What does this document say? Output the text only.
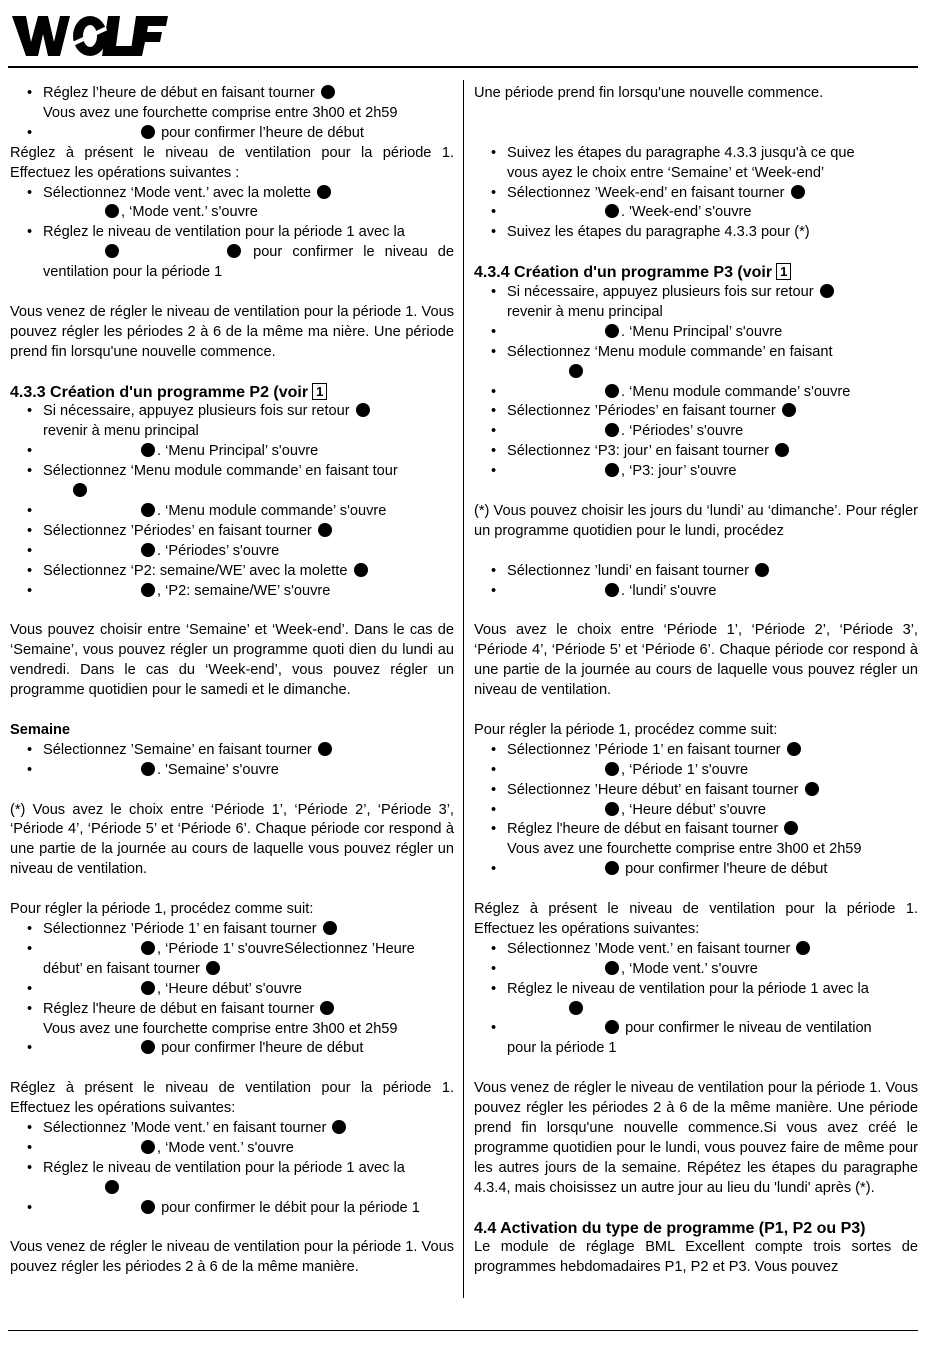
• Réglez l’heure de début en faisant tourner
Vous avez une fourchette comprise entre 3h00 et 2h59
• pour confirmer l’heure de début

Réglez à présent le niveau de ventilation pour la période 1. Effectuez les opérations suivantes :

• Sélectionnez ‘Mode vent.’ avec la molette
, ‘Mode vent.’ s'ouvre
• Réglez le niveau de ventilation pour la période 1 avec la
pour confirmer le niveau de ventilation pour la période 1

Vous venez de régler le niveau de ventilation pour la période 1. Vous pouvez régler les périodes 2 à 6 de la même ma nière. Une période prend fin lorsqu'une nouvelle commence.

4.3.3 Création d'un programme P2 (voir 1

• Si nécessaire, appuyez plusieurs fois sur retour
revenir à menu principal
• . ‘Menu Principal’ s'ouvre
• Sélectionnez ‘Menu module commande’ en faisant tour

• . ‘Menu module commande’ s'ouvre
• Sélectionnez ’Périodes’ en faisant tourner
• . ‘Périodes’ s'ouvre
• Sélectionnez ‘P2: semaine/WE’ avec la molette
• , ‘P2: semaine/WE’ s'ouvre

Vous pouvez choisir entre ‘Semaine’ et ‘Week-end’. Dans le cas de ‘Semaine’, vous pouvez régler un programme quoti dien du lundi au vendredi. Dans le cas du ‘Week-end’, vous pouvez régler un programme quotidien pour le samedi et le dimanche.

Semaine

• Sélectionnez ’Semaine’ en faisant tourner
• . 'Semaine’ s'ouvre

(*) Vous avez le choix entre ‘Période 1’, ‘Période 2’, ‘Période 3’, ‘Période 4’, ‘Période 5’ et ‘Période 6’. Chaque période cor respond à une partie de la journée au cours de laquelle vous pouvez régler un niveau de ventilation.

Pour régler la période 1, procédez comme suit:

• Sélectionnez ’Période 1’ en faisant tourner
• , ‘Période 1’ s'ouvreSélectionnez ’Heure
début’ en faisant tourner
• , ‘Heure début’ s'ouvre
• Réglez l'heure de début en faisant tourner
Vous avez une fourchette comprise entre 3h00 et 2h59
• pour confirmer l'heure de début

Réglez à présent le niveau de ventilation pour la période 1. Effectuez les opérations suivantes:

• Sélectionnez ’Mode vent.’ en faisant tourner
• , ‘Mode vent.’ s'ouvre
• Réglez le niveau de ventilation pour la période 1 avec la

• pour confirmer le débit pour la période 1

Vous venez de régler le niveau de ventilation pour la période 1. Vous pouvez régler les périodes 2 à 6 de la même manière.

Une période prend fin lorsqu'une nouvelle commence.

• Suivez les étapes du paragraphe 4.3.3 jusqu'à ce que
vous ayez le choix entre ‘Semaine’ et ‘Week-end’
• Sélectionnez ’Week-end’ en faisant tourner
• . 'Week-end’ s'ouvre
• Suivez les étapes du paragraphe 4.3.3 pour (*)

4.3.4 Création d'un programme P3 (voir 1

• Si nécessaire, appuyez plusieurs fois sur retour
revenir à menu principal
• . ‘Menu Principal’ s'ouvre
• Sélectionnez ‘Menu module commande’ en faisant

• . ‘Menu module commande’ s'ouvre
• Sélectionnez ’Périodes’ en faisant tourner
• . ‘Périodes’ s'ouvre
• Sélectionnez ‘P3: jour’ en faisant tourner
• , ‘P3: jour’ s'ouvre

(*) Vous pouvez choisir les jours du ‘lundi’ au ‘dimanche’. Pour régler un programme quotidien pour le lundi, procédez

• Sélectionnez ’lundi’ en faisant tourner
• . ‘lundi’ s'ouvre

Vous avez le choix entre ‘Période 1’, ‘Période 2’, ‘Période 3’, ‘Période 4’, ‘Période 5’ et ‘Période 6’. Chaque période cor respond à une partie de la journée au cours de laquelle vous pouvez régler un niveau de ventilation.

Pour régler la période 1, procédez comme suit:

• Sélectionnez ’Période 1’ en faisant tourner
• , ‘Période 1’ s'ouvre
• Sélectionnez ’Heure début’ en faisant tourner
• , ‘Heure début’ s'ouvre
• Réglez l'heure de début en faisant tourner
Vous avez une fourchette comprise entre 3h00 et 2h59
• pour confirmer l'heure de début

Réglez à présent le niveau de ventilation pour la période 1. Effectuez les opérations suivantes:

• Sélectionnez ’Mode vent.’ en faisant tourner
• , ‘Mode vent.’ s'ouvre
• Réglez le niveau de ventilation pour la période 1 avec la

• pour confirmer le niveau de ventilation
pour la période 1

Vous venez de régler le niveau de ventilation pour la période 1. Vous pouvez régler les périodes 2 à 6 de la même manière. Une période prend fin lorsqu'une nouvelle commence.Si vous avez créé le programme quotidien pour le lundi, vous pouvez faire de même pour les autres jours de la semaine. Répétez les étapes du paragraphe 4.3.4, mais choisissez un autre jour au lieu du 'lundi' après (*).

4.4 Activation du type de programme (P1, P2 ou P3)

Le module de réglage BML Excellent compte trois sortes de programmes hebdomadaires P1, P2 et P3. Vous pouvez
